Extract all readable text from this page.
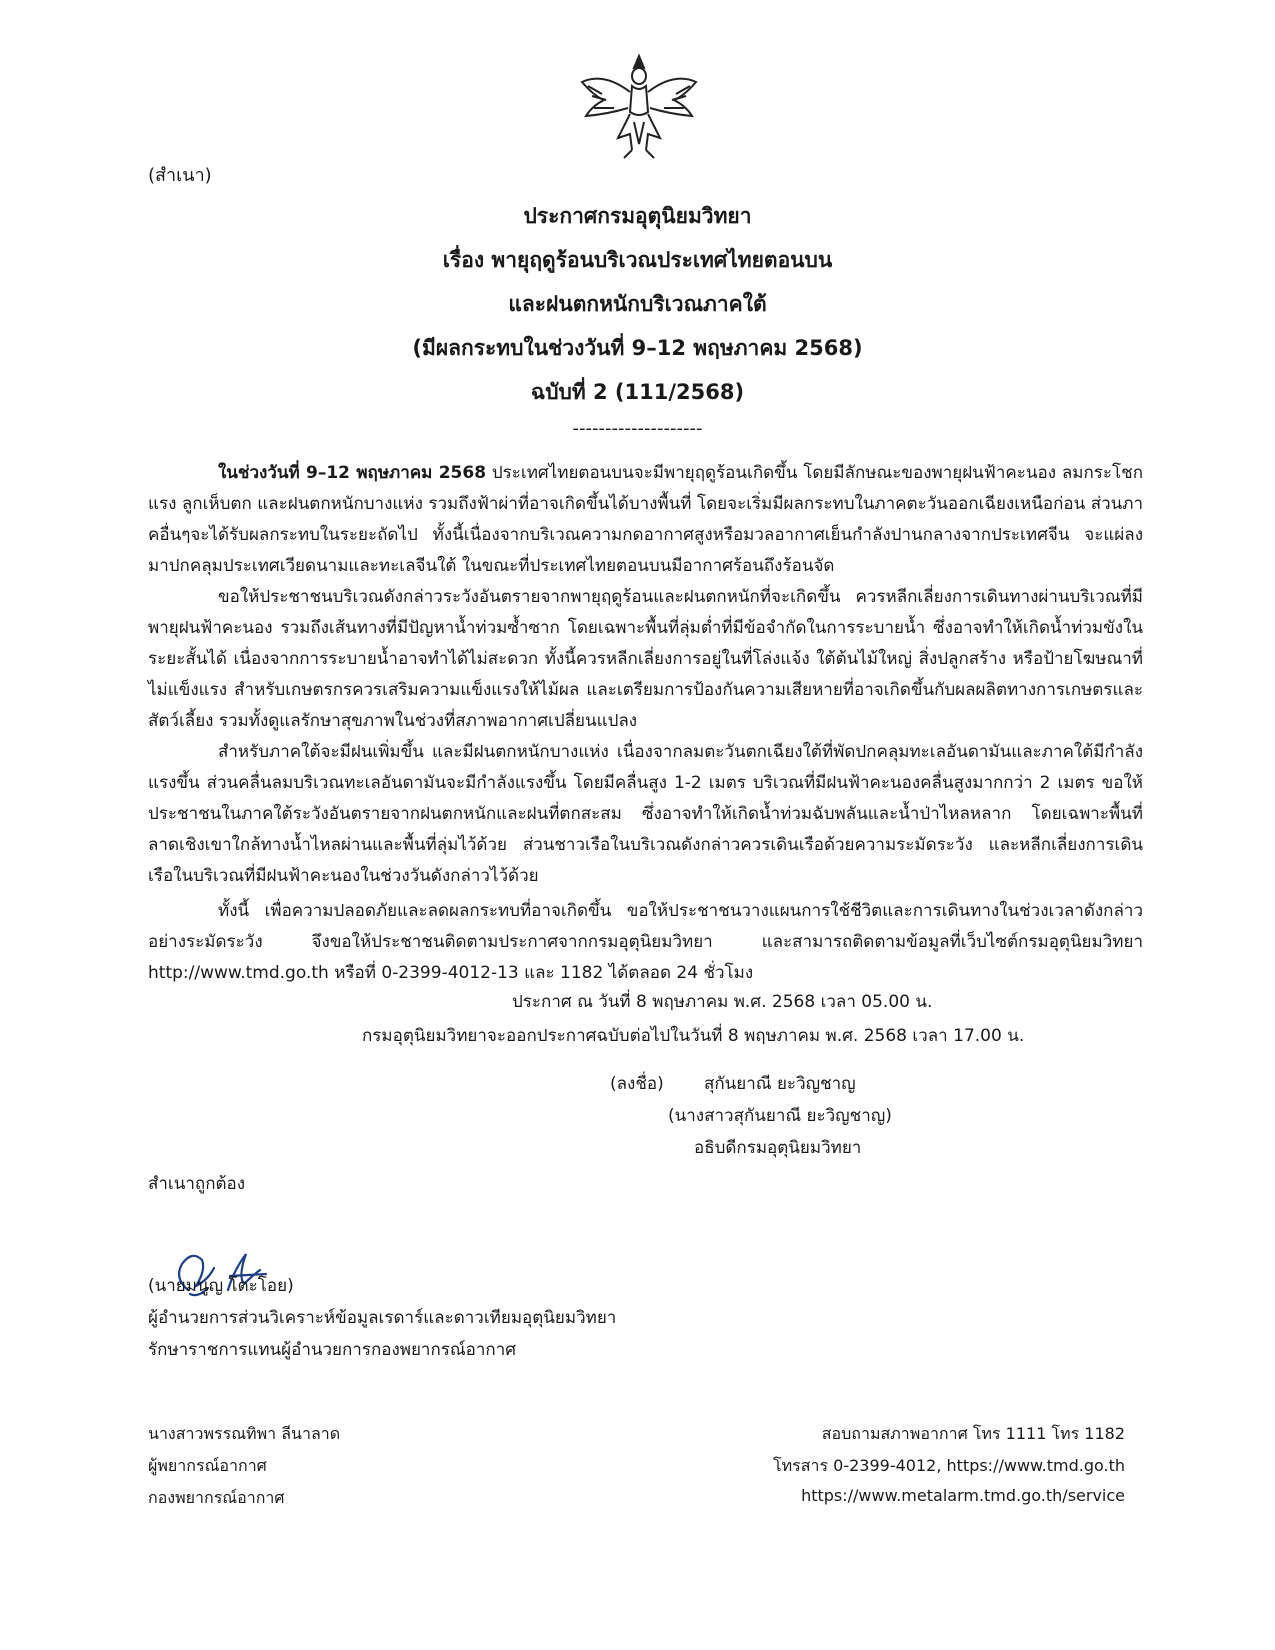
(สำเนา)
ประกาศกรมอุตุนิยมวิทยา
เรื่อง พายุฤดูร้อนบริเวณประเทศไทยตอนบน
และฝนตกหนักบริเวณภาคใต้
(มีผลกระทบในช่วงวันที่ 9–12 พฤษภาคม 2568)
ฉบับที่ 2 (111/2568)
--------------------

ในช่วงวันที่ 9–12 พฤษภาคม 2568 ประเทศไทยตอนบนจะมีพายุฤดูร้อนเกิดขึ้น โดยมีลักษณะของพายุฝนฟ้าคะนอง ลมกระโชกแรง ลูกเห็บตก และฝนตกหนักบางแห่ง รวมถึงฟ้าผ่าที่อาจเกิดขึ้นได้บางพื้นที่ โดยจะเริ่มมีผลกระทบในภาคตะวันออกเฉียงเหนือก่อน ส่วนภาคอื่นๆจะได้รับผลกระทบในระยะถัดไป ทั้งนี้เนื่องจากบริเวณความกดอากาศสูงหรือมวลอากาศเย็นกำลังปานกลางจากประเทศจีน จะแผ่ลงมาปกคลุมประเทศเวียดนามและทะเลจีนใต้ ในขณะที่ประเทศไทยตอนบนมีอากาศร้อนถึงร้อนจัด

ขอให้ประชาชนบริเวณดังกล่าวระวังอันตรายจากพายุฤดูร้อนและฝนตกหนักที่จะเกิดขึ้น ควรหลีกเลี่ยงการเดินทางผ่านบริเวณที่มีพายุฝนฟ้าคะนอง รวมถึงเส้นทางที่มีปัญหาน้ำท่วมซ้ำซาก โดยเฉพาะพื้นที่ลุ่มต่ำที่มีข้อจำกัดในการระบายน้ำ ซึ่งอาจทำให้เกิดน้ำท่วมขังในระยะสั้นได้ เนื่องจากการระบายน้ำอาจทำได้ไม่สะดวก ทั้งนี้ควรหลีกเลี่ยงการอยู่ในที่โล่งแจ้ง ใต้ต้นไม้ใหญ่ สิ่งปลูกสร้าง หรือป้ายโฆษณาที่ไม่แข็งแรง สำหรับเกษตรกรควรเสริมความแข็งแรงให้ไม้ผล และเตรียมการป้องกันความเสียหายที่อาจเกิดขึ้นกับผลผลิตทางการเกษตรและสัตว์เลี้ยง รวมทั้งดูแลรักษาสุขภาพในช่วงที่สภาพอากาศเปลี่ยนแปลง

สำหรับภาคใต้จะมีฝนเพิ่มขึ้น และมีฝนตกหนักบางแห่ง เนื่องจากลมตะวันตกเฉียงใต้ที่พัดปกคลุมทะเลอันดามันและภาคใต้มีกำลังแรงขึ้น ส่วนคลื่นลมบริเวณทะเลอันดามันจะมีกำลังแรงขึ้น โดยมีคลื่นสูง 1-2 เมตร บริเวณที่มีฝนฟ้าคะนองคลื่นสูงมากกว่า 2 เมตร ขอให้ประชาชนในภาคใต้ระวังอันตรายจากฝนตกหนักและฝนที่ตกสะสม ซึ่งอาจทำให้เกิดน้ำท่วมฉับพลันและน้ำป่าไหลหลาก โดยเฉพาะพื้นที่ลาดเชิงเขาใกล้ทางน้ำไหลผ่านและพื้นที่ลุ่มไว้ด้วย ส่วนชาวเรือในบริเวณดังกล่าวควรเดินเรือด้วยความระมัดระวัง และหลีกเลี่ยงการเดินเรือในบริเวณที่มีฝนฟ้าคะนองในช่วงวันดังกล่าวไว้ด้วย

ทั้งนี้ เพื่อความปลอดภัยและลดผลกระทบที่อาจเกิดขึ้น ขอให้ประชาชนวางแผนการใช้ชีวิตและการเดินทางในช่วงเวลาดังกล่าว อย่างระมัดระวัง จึงขอให้ประชาชนติดตามประกาศจากกรมอุตุนิยมวิทยา และสามารถติดตามข้อมูลที่เว็บไซต์กรมอุตุนิยมวิทยา http://www.tmd.go.th หรือที่ 0-2399-4012-13 และ 1182 ได้ตลอด 24 ชั่วโมง

ประกาศ ณ วันที่ 8 พฤษภาคม พ.ศ. 2568 เวลา 05.00 น.
กรมอุตุนิยมวิทยาจะออกประกาศฉบับต่อไปในวันที่ 8 พฤษภาคม พ.ศ. 2568 เวลา 17.00 น.
(ลงชื่อ) สุกันยาณี ยะวิญชาญ
(นางสาวสุกันยาณี ยะวิญชาญ)
อธิบดีกรมอุตุนิยมวิทยา
สำเนาถูกต้อง
(นายมนูญ โดะโอย)
ผู้อำนวยการส่วนวิเคราะห์ข้อมูลเรดาร์และดาวเทียมอุตุนิยมวิทยา
รักษาราชการแทนผู้อำนวยการกองพยากรณ์อากาศ
นางสาวพรรณทิพา ลีนาลาด
ผู้พยากรณ์อากาศ
กองพยากรณ์อากาศ
สอบถามสภาพอากาศ โทร 1111 โทร 1182
โทรสาร 0-2399-4012, https://www.tmd.go.th
https://www.metalarm.tmd.go.th/service
